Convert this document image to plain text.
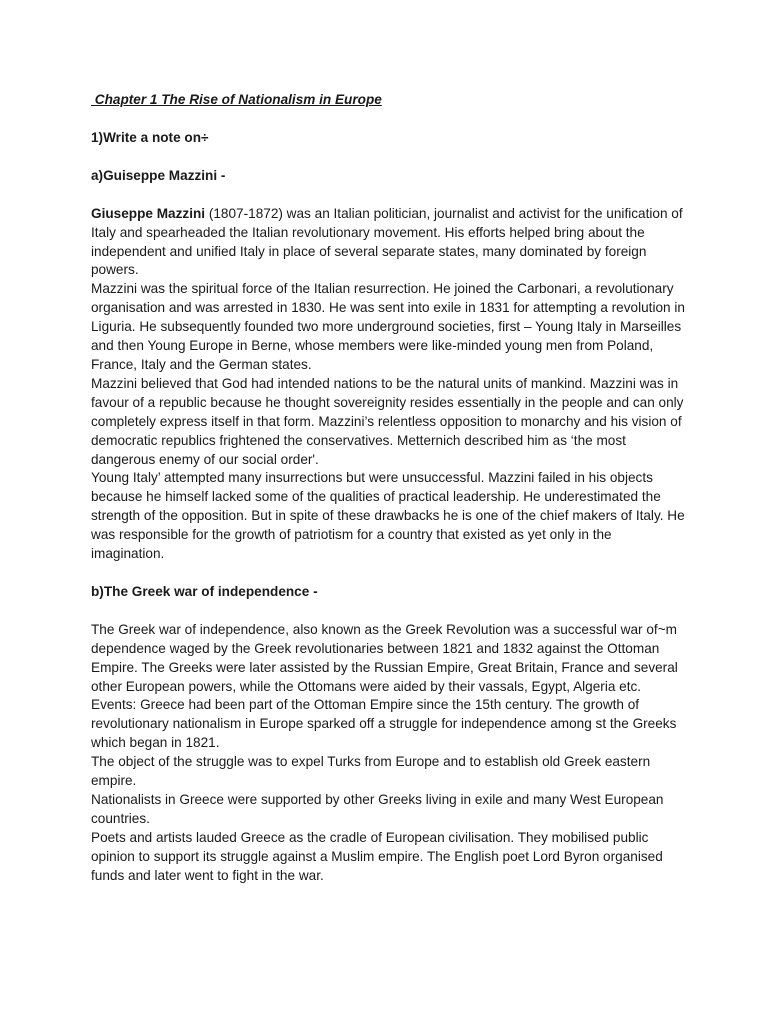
Chapter 1 The Rise of Nationalism in Europe
1)Write a note on÷
a)Guiseppe Mazzini -

Giuseppe Mazzini (1807-1872) was an Italian politician, journalist and activist for the unification of Italy and spearheaded the Italian revolutionary movement. His efforts helped bring about the independent and unified Italy in place of several separate states, many dominated by foreign powers.

Mazzini was the spiritual force of the Italian resurrection. He joined the Carbonari, a revolutionary organisation and was arrested in 1830. He was sent into exile in 1831 for attempting a revolution in Liguria. He subsequently founded two more underground societies, first – Young Italy in Marseilles and then Young Europe in Berne, whose members were like-minded young men from Poland, France, Italy and the German states.

Mazzini believed that God had intended nations to be the natural units of mankind. Mazzini was in favour of a republic because he thought sovereignity resides essentially in the people and can only completely express itself in that form. Mazzini’s relentless opposition to monarchy and his vision of democratic republics frightened the conservatives. Metternich described him as ‘the most dangerous enemy of our social order'.

Young Italy’ attempted many insurrections but were unsuccessful. Mazzini failed in his objects because he himself lacked some of the qualities of practical leadership. He underestimated the strength of the opposition. But in spite of these drawbacks he is one of the chief makers of Italy. He was responsible for the growth of patriotism for a country that existed as yet only in the imagination.

b)The Greek war of independence -

The Greek war of independence, also known as the Greek Revolution was a successful war of~m dependence waged by the Greek revolutionaries between 1821 and 1832 against the Ottoman Empire. The Greeks were later assisted by the Russian Empire, Great Britain, France and several other European powers, while the Ottomans were aided by their vassals, Egypt, Algeria etc.

Events: Greece had been part of the Ottoman Empire since the 15th century. The growth of revolutionary nationalism in Europe sparked off a struggle for independence among st the Greeks which began in 1821.

The object of the struggle was to expel Turks from Europe and to establish old Greek eastern empire.

Nationalists in Greece were supported by other Greeks living in exile and many West European countries.

Poets and artists lauded Greece as the cradle of European civilisation. They mobilised public opinion to support its struggle against a Muslim empire. The English poet Lord Byron organised funds and later went to fight in the war.
